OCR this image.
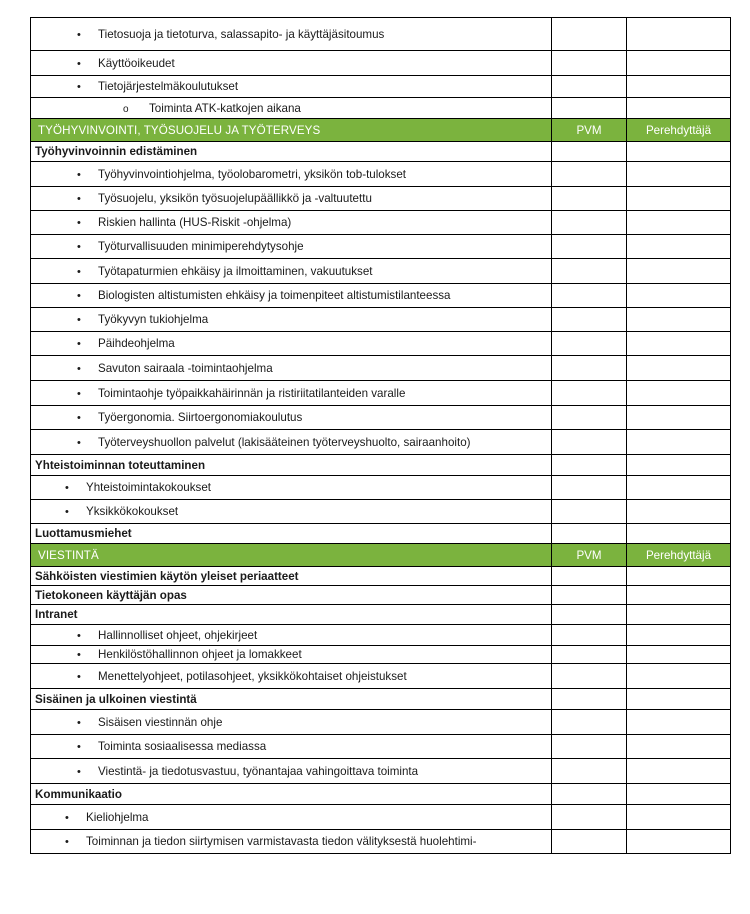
•Tietosuoja ja tietoturva, salassapito- ja käyttäjäsitoumus		
•Käyttöoikeudet		
•Tietojärjestelmäkoulutukset		
oToiminta ATK-katkojen aikana		
TYÖHYVINVOINTI, TYÖSUOJELU JA TYÖTERVEYS	PVM	Perehdyttäjä
Työhyvinvoinnin edistäminen		
•Työhyvinvointiohjelma, työolobarometri, yksikön tob-tulokset		
•Työsuojelu, yksikön työsuojelupäällikkö ja -valtuutettu		
•Riskien hallinta (HUS-Riskit -ohjelma)		
•Työturvallisuuden minimiperehdytysohje		
•Työtapaturmien ehkäisy ja ilmoittaminen, vakuutukset		
•Biologisten altistumisten ehkäisy ja toimenpiteet altistumistilanteessa		
•Työkyvyn tukiohjelma		
•Päihdeohjelma		
•Savuton sairaala -toimintaohjelma		
•Toimintaohje työpaikkahäirinnän ja ristiriitatilanteiden varalle		
•Työergonomia. Siirtoergonomiakoulutus		
•Työterveyshuollon palvelut (lakisääteinen työterveyshuolto, sairaanhoito)		
Yhteistoiminnan toteuttaminen		
•Yhteistoimintakokoukset		
•Yksikkökokoukset		
Luottamusmiehet		
VIESTINTÄ	PVM	Perehdyttäjä
Sähköisten viestimien käytön yleiset periaatteet		
Tietokoneen käyttäjän opas		
Intranet		
•Hallinnolliset ohjeet, ohjekirjeet		
•Henkilöstöhallinnon ohjeet ja lomakkeet		
•Menettelyohjeet, potilasohjeet, yksikkökohtaiset ohjeistukset		
Sisäinen ja ulkoinen viestintä		
•Sisäisen viestinnän ohje		
•Toiminta sosiaalisessa mediassa		
•Viestintä- ja tiedotusvastuu, työnantajaa vahingoittava toiminta		
Kommunikaatio		
•Kieliohjelma		
•Toiminnan ja tiedon siirtymisen varmistavasta tiedon välityksestä huolehtimi-		
